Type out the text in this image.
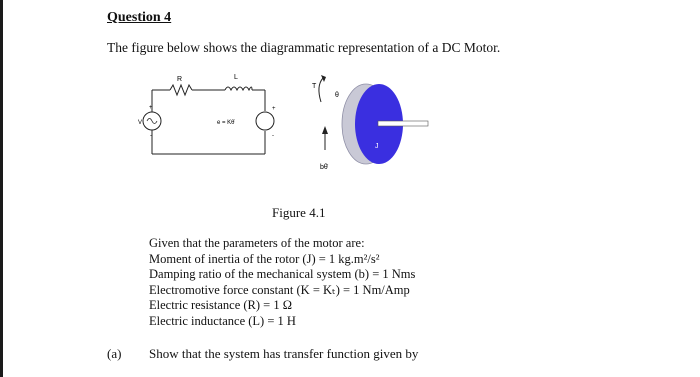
Question 4
The figure below shows the diagrammatic representation of a DC Motor.
R	L
V
+
-
e = Kθ̇
+
-
T
θ
bθ̇
J
Figure 4.1
Given that the parameters of the motor are:
Moment of inertia of the rotor (J) = 1 kg.m²/s²
Damping ratio of the mechanical system (b) = 1 Nms
Electromotive force constant (K = Kₜ) = 1 Nm/Amp
Electric resistance (R) = 1 Ω
Electric inductance (L) = 1 H
(a) Show that the system has transfer function given by
